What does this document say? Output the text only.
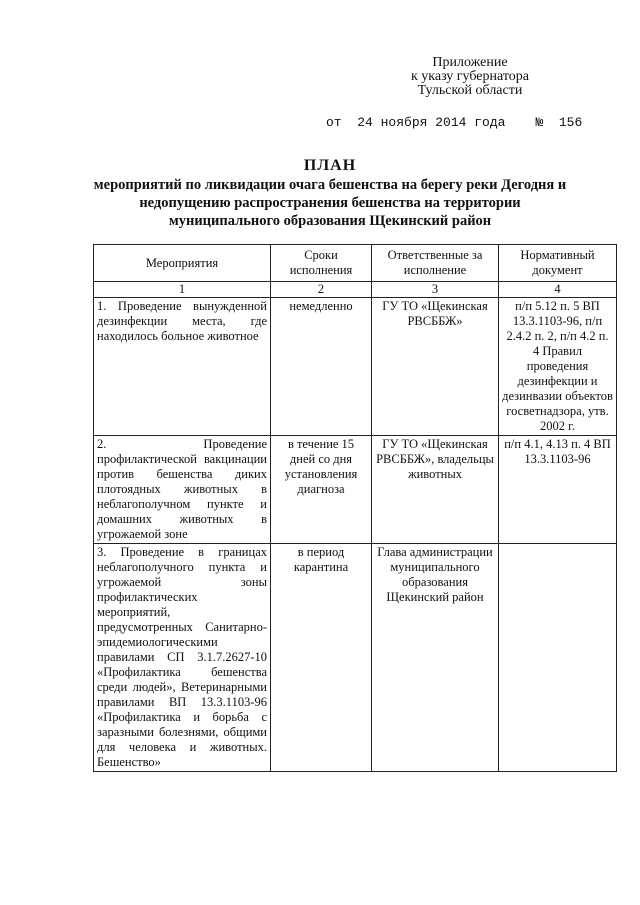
Приложение
к указу губернатора
Тульской области
от 24 ноября 2014 года № 156
ПЛАН
мероприятий по ликвидации очага бешенства на берегу реки Дегодня и
недопущению распространения бешенства на территории
муниципального образования Щекинский район
Мероприятия	Сроки исполнения	Ответственные за исполнение	Нормативный документ
1	2	3	4
1. Проведение вынужденной дезинфекции места, где находилось больное животное	немедленно	ГУ ТО «Щекинская РВСББЖ»	п/п 5.12 п. 5 ВП 13.3.1103-96, п/п 2.4.2 п. 2, п/п 4.2 п. 4 Правил проведения дезинфекции и дезинвазии объектов госветнадзора, утв. 2002 г.
2. Проведение профилактической вакцинации против бешенства диких плотоядных животных в неблагополучном пункте и домашних животных в угрожаемой зоне	в течение 15 дней со дня установления диагноза	ГУ ТО «Щекинская РВСББЖ», владельцы животных	п/п 4.1, 4.13 п. 4 ВП 13.3.1103-96
3. Проведение в границах неблагополучного пункта и угрожаемой зоны профилактических мероприятий, предусмотренных Санитарно-эпидемиологическими правилами СП 3.1.7.2627-10 «Профилактика бешенства среди людей», Ветеринарными правилами ВП 13.3.1103-96 «Профилактика и борьба с заразными болезнями, общими для человека и животных. Бешенство»	в период карантина	Глава администрации муниципального образования Щекинский район	
